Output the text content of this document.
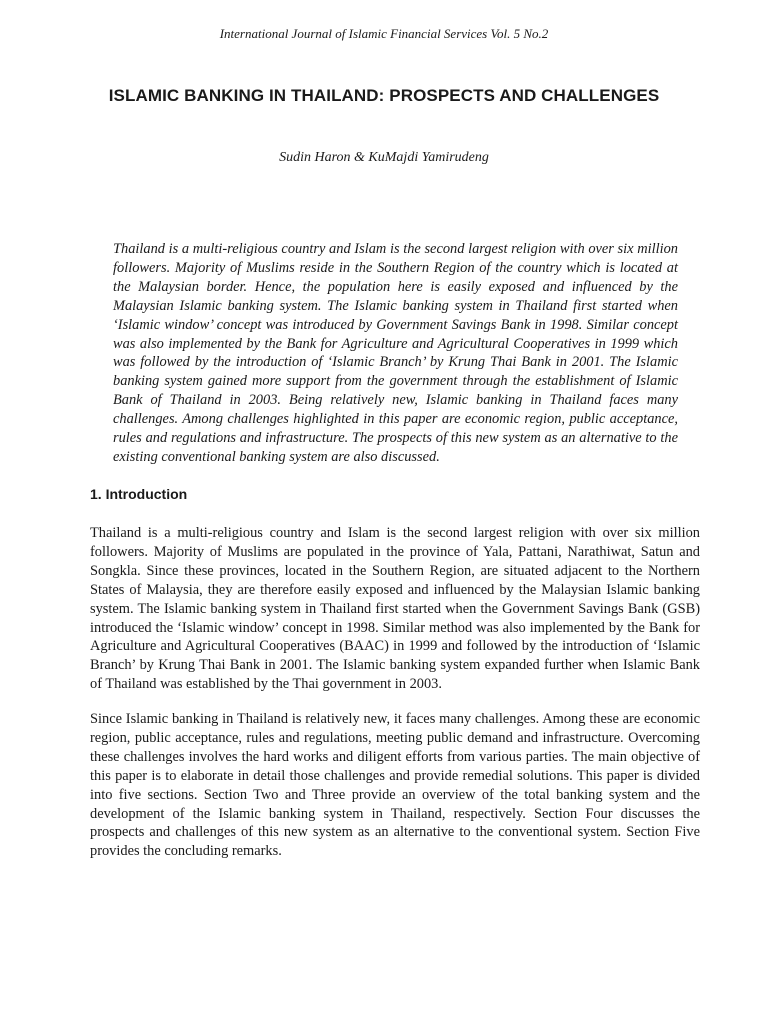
International Journal of Islamic Financial Services Vol. 5 No.2
ISLAMIC BANKING IN THAILAND: PROSPECTS AND CHALLENGES
Sudin Haron & KuMajdi Yamirudeng

Thailand is a multi-religious country and Islam is the second largest religion with over six million followers. Majority of Muslims reside in the Southern Region of the country which is located at the Malaysian border. Hence, the population here is easily exposed and influenced by the Malaysian Islamic banking system. The Islamic banking system in Thailand first started when ‘Islamic window’ concept was introduced by Government Savings Bank in 1998. Similar concept was also implemented by the Bank for Agriculture and Agricultural Cooperatives in 1999 which was followed by the introduction of ‘Islamic Branch’ by Krung Thai Bank in 2001. The Islamic banking system gained more support from the government through the establishment of Islamic Bank of Thailand in 2003. Being relatively new, Islamic banking in Thailand faces many challenges. Among challenges highlighted in this paper are economic region, public acceptance, rules and regulations and infrastructure. The prospects of this new system as an alternative to the existing conventional banking system are also discussed.

1. Introduction

Thailand is a multi-religious country and Islam is the second largest religion with over six million followers. Majority of Muslims are populated in the province of Yala, Pattani, Narathiwat, Satun and Songkla. Since these provinces, located in the Southern Region, are situated adjacent to the Northern States of Malaysia, they are therefore easily exposed and influenced by the Malaysian Islamic banking system. The Islamic banking system in Thailand first started when the Government Savings Bank (GSB) introduced the ‘Islamic window’ concept in 1998. Similar method was also implemented by the Bank for Agriculture and Agricultural Cooperatives (BAAC) in 1999 and followed by the introduction of ‘Islamic Branch’ by Krung Thai Bank in 2001. The Islamic banking system expanded further when Islamic Bank of Thailand was established by the Thai government in 2003.

Since Islamic banking in Thailand is relatively new, it faces many challenges. Among these are economic region, public acceptance, rules and regulations, meeting public demand and infrastructure. Overcoming these challenges involves the hard works and diligent efforts from various parties. The main objective of this paper is to elaborate in detail those challenges and provide remedial solutions. This paper is divided into five sections. Section Two and Three provide an overview of the total banking system and the development of the Islamic banking system in Thailand, respectively. Section Four discusses the prospects and challenges of this new system as an alternative to the conventional system. Section Five provides the concluding remarks.
